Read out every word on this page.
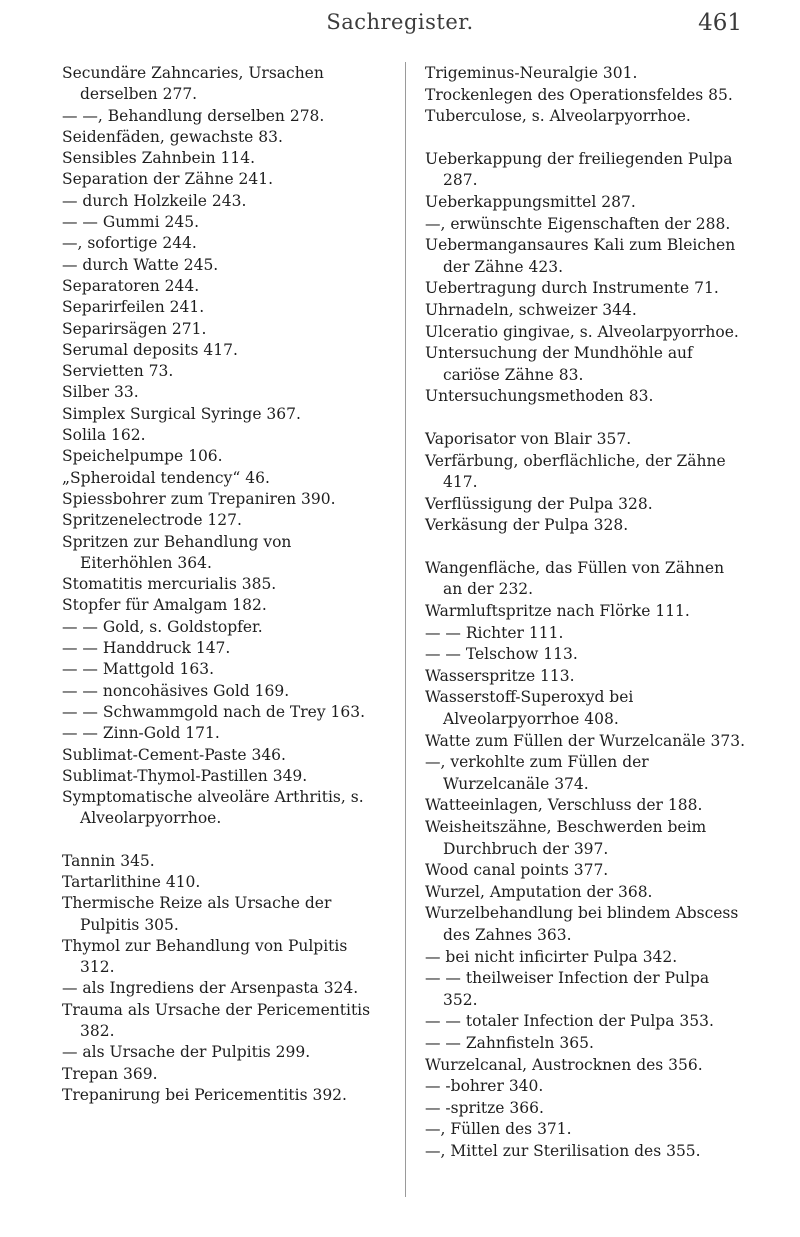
Sachregister.	461
Secundäre Zahncaries, Ursachen derselben 277.
— —, Behandlung derselben 278.
Seidenfäden, gewachste 83.
Sensibles Zahnbein 114.
Separation der Zähne 241.
— durch Holzkeile 243.
— — Gummi 245.
—, sofortige 244.
— durch Watte 245.
Separatoren 244.
Separirfeilen 241.
Separirsägen 271.
Serumal deposits 417.
Servietten 73.
Silber 33.
Simplex Surgical Syringe 367.
Solila 162.
Speichelpumpe 106.
„Spheroidal tendency“ 46.
Spiessbohrer zum Trepaniren 390.
Spritzenelectrode 127.
Spritzen zur Behandlung von Eiterhöhlen 364.
Stomatitis mercurialis 385.
Stopfer für Amalgam 182.
— — Gold, s. Goldstopfer.
— — Handdruck 147.
— — Mattgold 163.
— — noncohäsives Gold 169.
— — Schwammgold nach de Trey 163.
— — Zinn-Gold 171.
Sublimat-Cement-Paste 346.
Sublimat-Thymol-Pastillen 349.
Symptomatische alveoläre Arthritis, s. Alveolarpyorrhoe.
Tannin 345.
Tartarlithine 410.
Thermische Reize als Ursache der Pulpitis 305.
Thymol zur Behandlung von Pulpitis 312.
— als Ingrediens der Arsenpasta 324.
Trauma als Ursache der Pericementitis 382.
— als Ursache der Pulpitis 299.
Trepan 369.
Trepanirung bei Pericementitis 392.
Trigeminus-Neuralgie 301.
Trockenlegen des Operationsfeldes 85.
Tuberculose, s. Alveolarpyorrhoe.
Ueberkappung der freiliegenden Pulpa 287.
Ueberkappungsmittel 287.
—, erwünschte Eigenschaften der 288.
Uebermangansaures Kali zum Bleichen der Zähne 423.
Uebertragung durch Instrumente 71.
Uhrnadeln, schweizer 344.
Ulceratio gingivae, s. Alveolarpyorrhoe.
Untersuchung der Mundhöhle auf cariöse Zähne 83.
Untersuchungsmethoden 83.
Vaporisator von Blair 357.
Verfärbung, oberflächliche, der Zähne 417.
Verflüssigung der Pulpa 328.
Verkäsung der Pulpa 328.
Wangenfläche, das Füllen von Zähnen an der 232.
Warmluftspritze nach Flörke 111.
— — Richter 111.
— — Telschow 113.
Wasserspritze 113.
Wasserstoff-Superoxyd bei Alveolarpyorrhoe 408.
Watte zum Füllen der Wurzelcanäle 373.
—, verkohlte zum Füllen der Wurzelcanäle 374.
Watteeinlagen, Verschluss der 188.
Weisheitszähne, Beschwerden beim Durchbruch der 397.
Wood canal points 377.
Wurzel, Amputation der 368.
Wurzelbehandlung bei blindem Abscess des Zahnes 363.
— bei nicht inficirter Pulpa 342.
— — theilweiser Infection der Pulpa 352.
— — totaler Infection der Pulpa 353.
— — Zahnfisteln 365.
Wurzelcanal, Austrocknen des 356.
— -bohrer 340.
— -spritze 366.
—, Füllen des 371.
—, Mittel zur Sterilisation des 355.
